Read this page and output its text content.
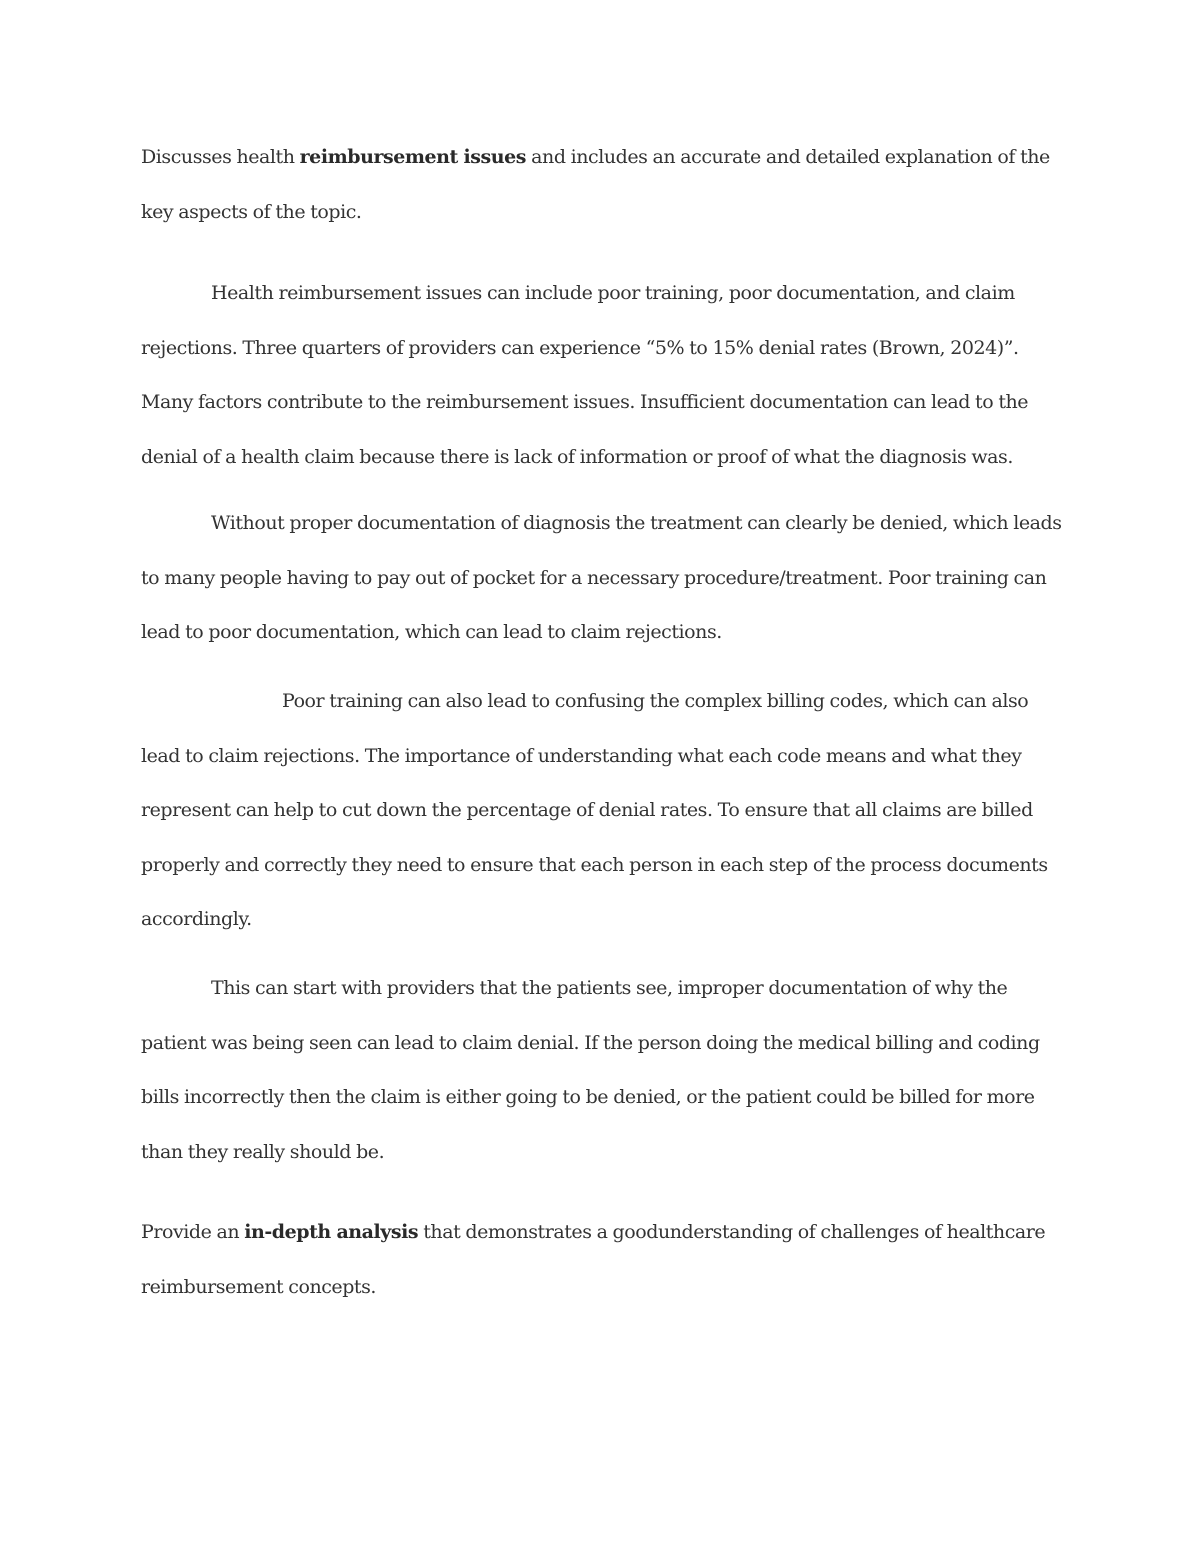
Discusses health reimbursement issues and includes an accurate and detailed explanation of the key aspects of the topic.

Health reimbursement issues can include poor training, poor documentation, and claim rejections. Three quarters of providers can experience “5% to 15% denial rates (Brown, 2024)”. Many factors contribute to the reimbursement issues. Insufficient documentation can lead to the denial of a health claim because there is lack of information or proof of what the diagnosis was.

Without proper documentation of diagnosis the treatment can clearly be denied, which leads to many people having to pay out of pocket for a necessary procedure/treatment. Poor training can lead to poor documentation, which can lead to claim rejections.

Poor training can also lead to confusing the complex billing codes, which can also lead to claim rejections. The importance of understanding what each code means and what they represent can help to cut down the percentage of denial rates. To ensure that all claims are billed properly and correctly they need to ensure that each person in each step of the process documents accordingly.

This can start with providers that the patients see, improper documentation of why the patient was being seen can lead to claim denial. If the person doing the medical billing and coding bills incorrectly then the claim is either going to be denied, or the patient could be billed for more than they really should be.

Provide an in-depth analysis that demonstrates a goodunderstanding of challenges of healthcare reimbursement concepts.
